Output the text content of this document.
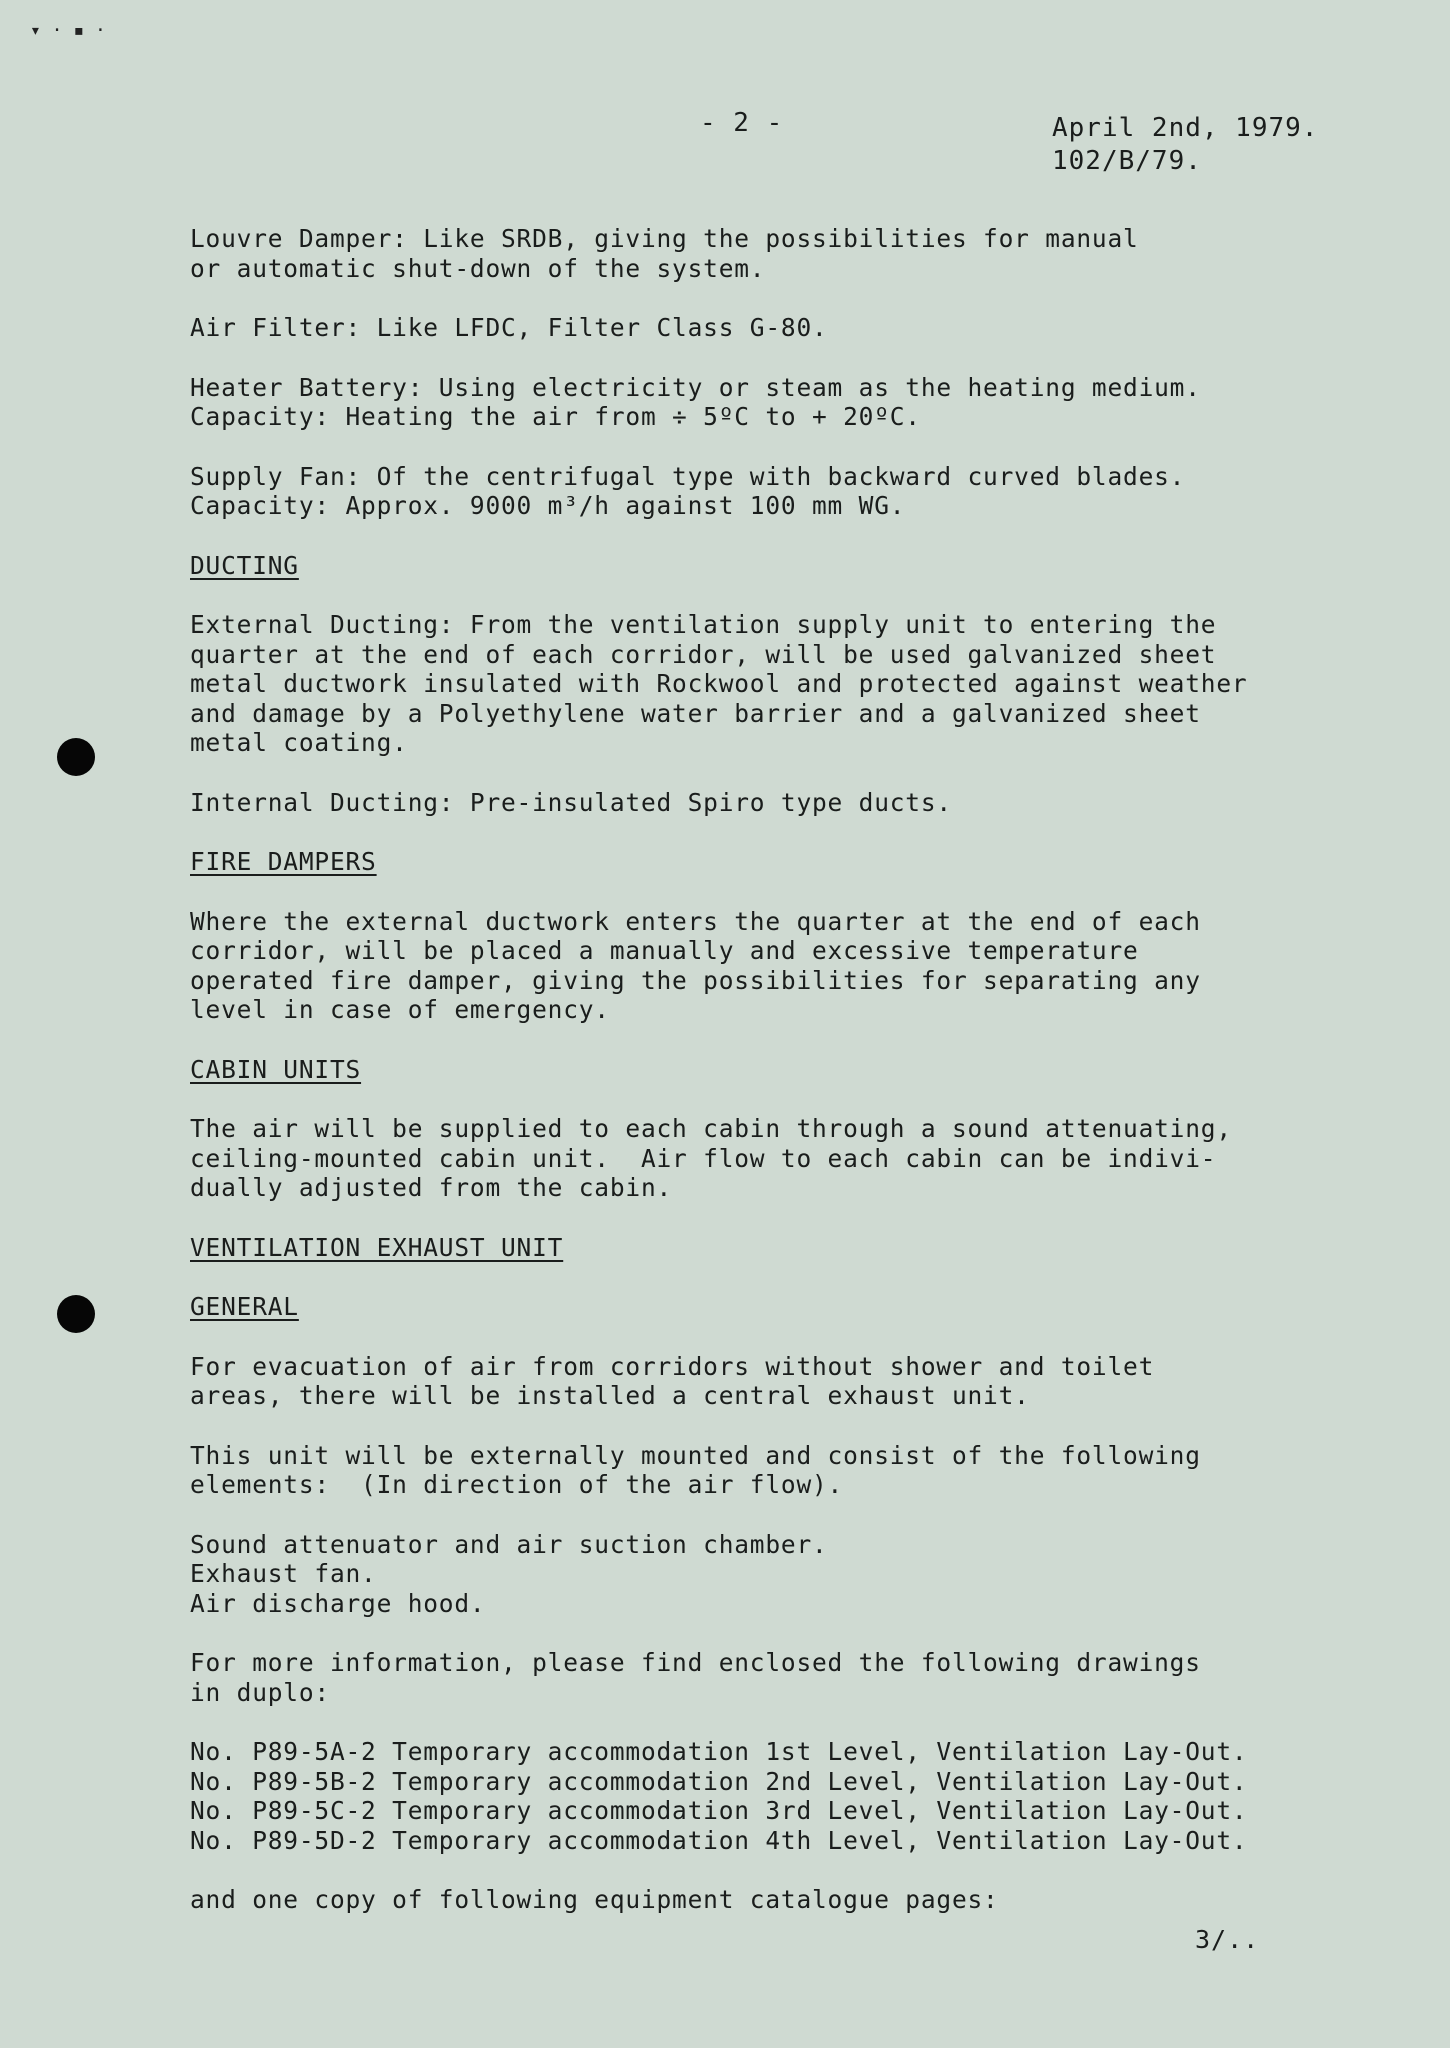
▾ · ▪ ·
- 2 -	April 2nd, 1979.
102/B/79.
Louvre Damper: Like SRDB, giving the possibilities for manual
or automatic shut-down of the system.
Air Filter: Like LFDC, Filter Class G-80.
Heater Battery: Using electricity or steam as the heating medium.
Capacity: Heating the air from ÷ 5ºC to + 20ºC.
Supply Fan: Of the centrifugal type with backward curved blades.
Capacity: Approx. 9000 m³/h against 100 mm WG.
DUCTING
External Ducting: From the ventilation supply unit to entering the
quarter at the end of each corridor, will be used galvanized sheet
metal ductwork insulated with Rockwool and protected against weather
and damage by a Polyethylene water barrier and a galvanized sheet
metal coating.
Internal Ducting: Pre-insulated Spiro type ducts.
FIRE DAMPERS
Where the external ductwork enters the quarter at the end of each
corridor, will be placed a manually and excessive temperature
operated fire damper, giving the possibilities for separating any
level in case of emergency.
CABIN UNITS
The air will be supplied to each cabin through a sound attenuating,
ceiling-mounted cabin unit.  Air flow to each cabin can be indivi-
dually adjusted from the cabin.
VENTILATION EXHAUST UNIT
GENERAL
For evacuation of air from corridors without shower and toilet
areas, there will be installed a central exhaust unit.
This unit will be externally mounted and consist of the following
elements:  (In direction of the air flow).
Sound attenuator and air suction chamber.
Exhaust fan.
Air discharge hood.
For more information, please find enclosed the following drawings
in duplo:
No. P89-5A-2 Temporary accommodation 1st Level, Ventilation Lay-Out.
No. P89-5B-2 Temporary accommodation 2nd Level, Ventilation Lay-Out.
No. P89-5C-2 Temporary accommodation 3rd Level, Ventilation Lay-Out.
No. P89-5D-2 Temporary accommodation 4th Level, Ventilation Lay-Out.
and one copy of following equipment catalogue pages:
3/..
